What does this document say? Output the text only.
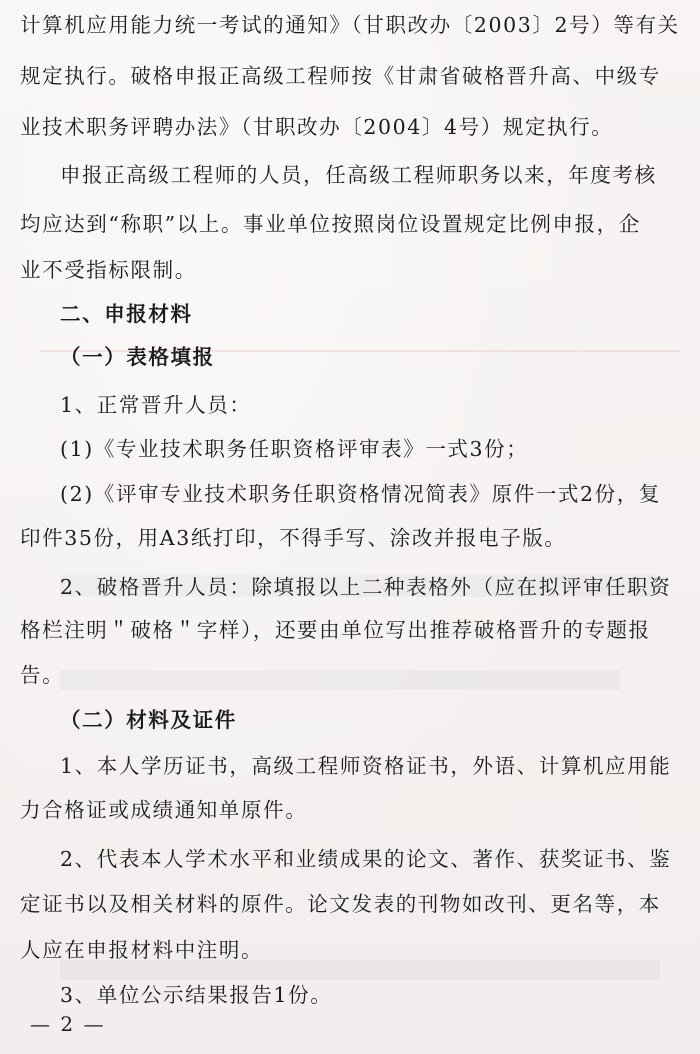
计算机应用能力统一考试的通知》（甘职改办〔2003〕2号）等有关
规定执行。破格申报正高级工程师按《甘肃省破格晋升高、中级专
业技术职务评聘办法》（甘职改办〔2004〕4号）规定执行。
申报正高级工程师的人员，任高级工程师职务以来，年度考核
均应达到“称职”以上。事业单位按照岗位设置规定比例申报，企
业不受指标限制。
二、申报材料
（一）表格填报
1、正常晋升人员：
(1)《专业技术职务任职资格评审表》一式3份；
(2)《评审专业技术职务任职资格情况简表》原件一式2份，复
印件35份，用A3纸打印，不得手写、涂改并报电子版。
2、破格晋升人员：除填报以上二种表格外（应在拟评审任职资
格栏注明＂破格＂字样），还要由单位写出推荐破格晋升的专题报
告。
（二）材料及证件
1、本人学历证书，高级工程师资格证书，外语、计算机应用能
力合格证或成绩通知单原件。
2、代表本人学术水平和业绩成果的论文、著作、获奖证书、鉴
定证书以及相关材料的原件。论文发表的刊物如改刊、更名等，本
人应在申报材料中注明。
3、单位公示结果报告1份。
— 2 —
